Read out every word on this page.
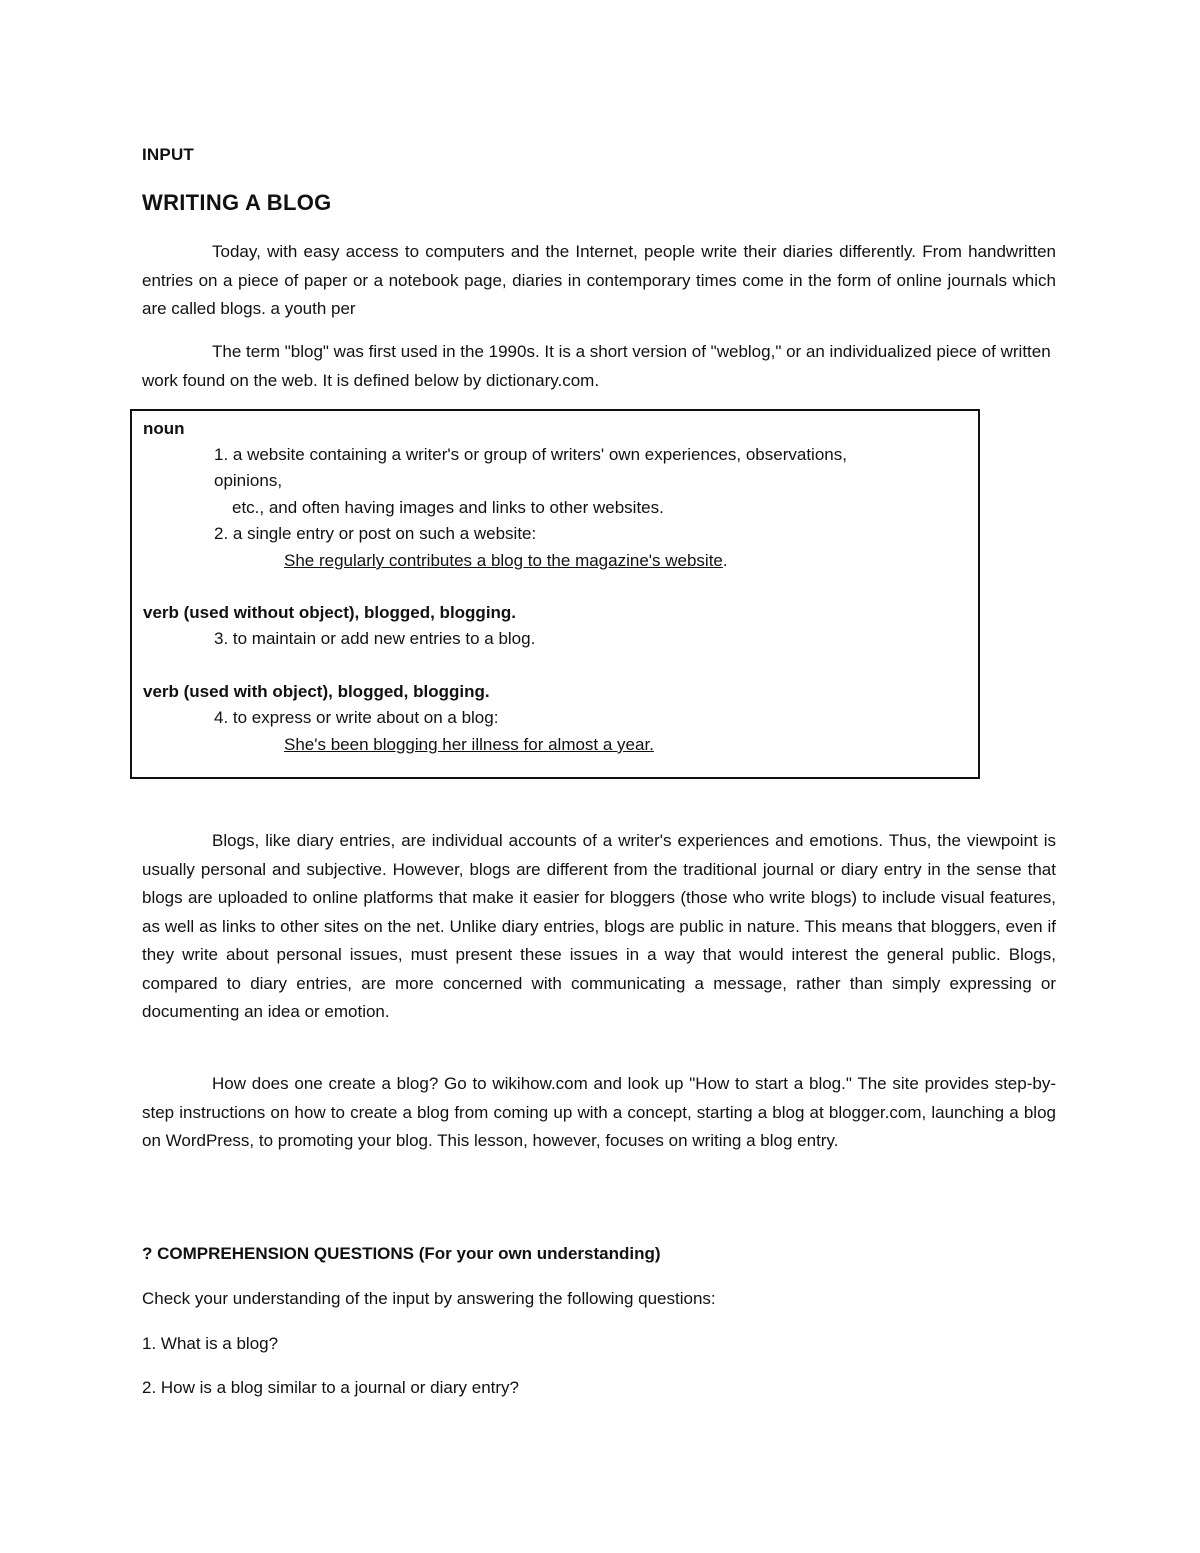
INPUT
WRITING A BLOG

Today, with easy access to computers and the Internet, people write their diaries differently. From handwritten entries on a piece of paper or a notebook page, diaries in contemporary times come in the form of online journals which are called blogs. a youth per

The term "blog" was first used in the 1990s. It is a short version of "weblog," or an individualized piece of written work found on the web. It is defined below by dictionary.com.

noun
1. a website containing a writer's or group of writers' own experiences, observations,
opinions,
etc., and often having images and links to other websites.
2. a single entry or post on such a website:
She regularly contributes a blog to the magazine's website.
verb (used without object), blogged, blogging.
3. to maintain or add new entries to a blog.
verb (used with object), blogged, blogging.
4. to express or write about on a blog:
She's been blogging her illness for almost a year.

Blogs, like diary entries, are individual accounts of a writer's experiences and emotions. Thus, the viewpoint is usually personal and subjective. However, blogs are different from the traditional journal or diary entry in the sense that blogs are uploaded to online platforms that make it easier for bloggers (those who write blogs) to include visual features, as well as links to other sites on the net. Unlike diary entries, blogs are public in nature. This means that bloggers, even if they write about personal issues, must present these issues in a way that would interest the general public. Blogs, compared to diary entries, are more concerned with communicating a message, rather than simply expressing or documenting an idea or emotion.

How does one create a blog? Go to wikihow.com and look up "How to start a blog." The site provides step-by-step instructions on how to create a blog from coming up with a concept, starting a blog at blogger.com, launching a blog on WordPress, to promoting your blog. This lesson, however, focuses on writing a blog entry.

? COMPREHENSION QUESTIONS (For your own understanding)
Check your understanding of the input by answering the following questions:
1. What is a blog?
2. How is a blog similar to a journal or diary entry?
